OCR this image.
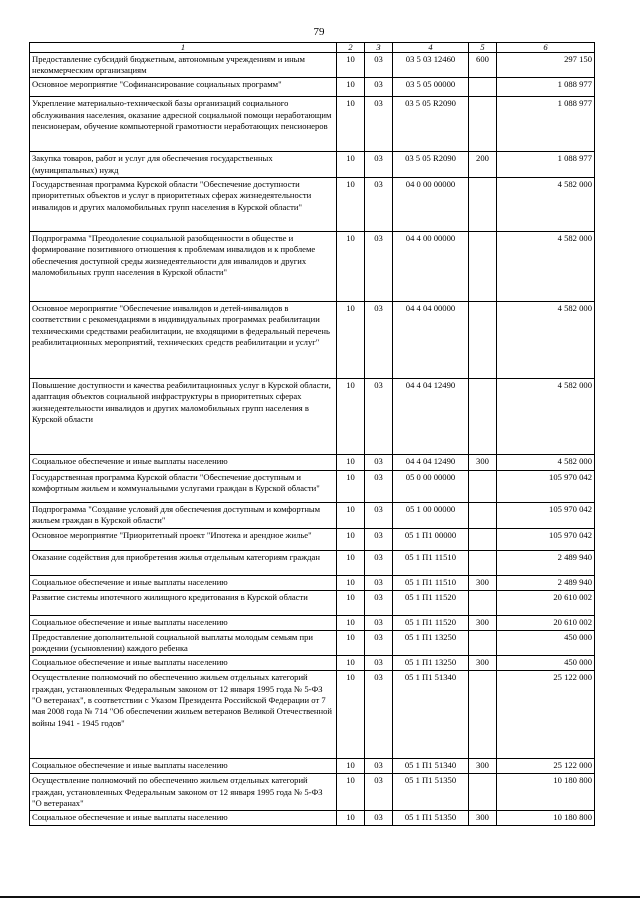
79
1	2	3	4	5	6
Предоставление субсидий бюджетным, автономным учреждениям и иным некоммерческим организациям	10	03	03 5 03 12460	600	297 150
Основное мероприятие "Софинансирование социальных программ"	10	03	03 5 05 00000		1 088 977
Укрепление материально-технической базы организаций социального обслуживания населения, оказание адресной социальной помощи неработающим пенсионерам, обучение компьютерной грамотности неработающих пенсионеров	10	03	03 5 05 R2090		1 088 977
Закупка товаров, работ и услуг для обеспечения государственных (муниципальных) нужд	10	03	03 5 05 R2090	200	1 088 977
Государственная программа Курской области "Обеспечение доступности приоритетных объектов и услуг в приоритетных сферах жизнедеятельности инвалидов и других маломобильных групп населения в Курской области"	10	03	04 0 00 00000		4 582 000
Подпрограмма "Преодоление социальной разобщенности в обществе и формирование позитивного отношения к проблемам инвалидов и к проблеме обеспечения доступной среды жизнедеятельности для инвалидов и других маломобильных групп населения в Курской области"	10	03	04 4 00 00000		4 582 000
Основное мероприятие "Обеспечение инвалидов и детей-инвалидов в соответствии с рекомендациями в индивидуальных программах реабилитации техническими средствами реабилитации, не входящими в федеральный перечень реабилитационных мероприятий, технических средств реабилитации и услуг"	10	03	04 4 04 00000		4 582 000
Повышение доступности и качества реабилитационных услуг в Курской области, адаптация объектов социальной инфраструктуры в приоритетных сферах жизнедеятельности инвалидов и других маломобильных групп населения в Курской области	10	03	04 4 04 12490		4 582 000
Социальное обеспечение и иные выплаты населению	10	03	04 4 04 12490	300	4 582 000
Государственная программа Курской области "Обеспечение доступным и комфортным жильем и коммунальными услугами граждан в Курской области"	10	03	05 0 00 00000		105 970 042
Подпрограмма "Создание условий для обеспечения доступным и комфортным жильем граждан в Курской области"	10	03	05 1 00 00000		105 970 042
Основное мероприятие "Приоритетный проект "Ипотека и арендное жилье"	10	03	05 1 П1 00000		105 970 042
Оказание содействия для приобретения жилья отдельным категориям граждан	10	03	05 1 П1 11510		2 489 940
Социальное обеспечение и иные выплаты населению	10	03	05 1 П1 11510	300	2 489 940
Развитие системы ипотечного жилищного кредитования в Курской области	10	03	05 1 П1 11520		20 610 002
Социальное обеспечение и иные выплаты населению	10	03	05 1 П1 11520	300	20 610 002
Предоставление дополнительной социальной выплаты молодым семьям при рождении (усыновлении) каждого ребенка	10	03	05 1 П1 13250		450 000
Социальное обеспечение и иные выплаты населению	10	03	05 1 П1 13250	300	450 000
Осуществление полномочий по обеспечению жильем отдельных категорий граждан, установленных Федеральным законом от 12 января 1995 года № 5-ФЗ "О ветеранах", в соответствии с Указом Президента Российской Федерации от 7 мая 2008 года № 714 "Об обеспечении жильем ветеранов Великой Отечественной войны 1941 - 1945 годов"	10	03	05 1 П1 51340		25 122 000
Социальное обеспечение и иные выплаты населению	10	03	05 1 П1 51340	300	25 122 000
Осуществление полномочий по обеспечению жильем отдельных категорий граждан, установленных Федеральным законом от 12 января 1995 года № 5-ФЗ "О ветеранах"	10	03	05 1 П1 51350		10 180 800
Социальное обеспечение и иные выплаты населению	10	03	05 1 П1 51350	300	10 180 800
